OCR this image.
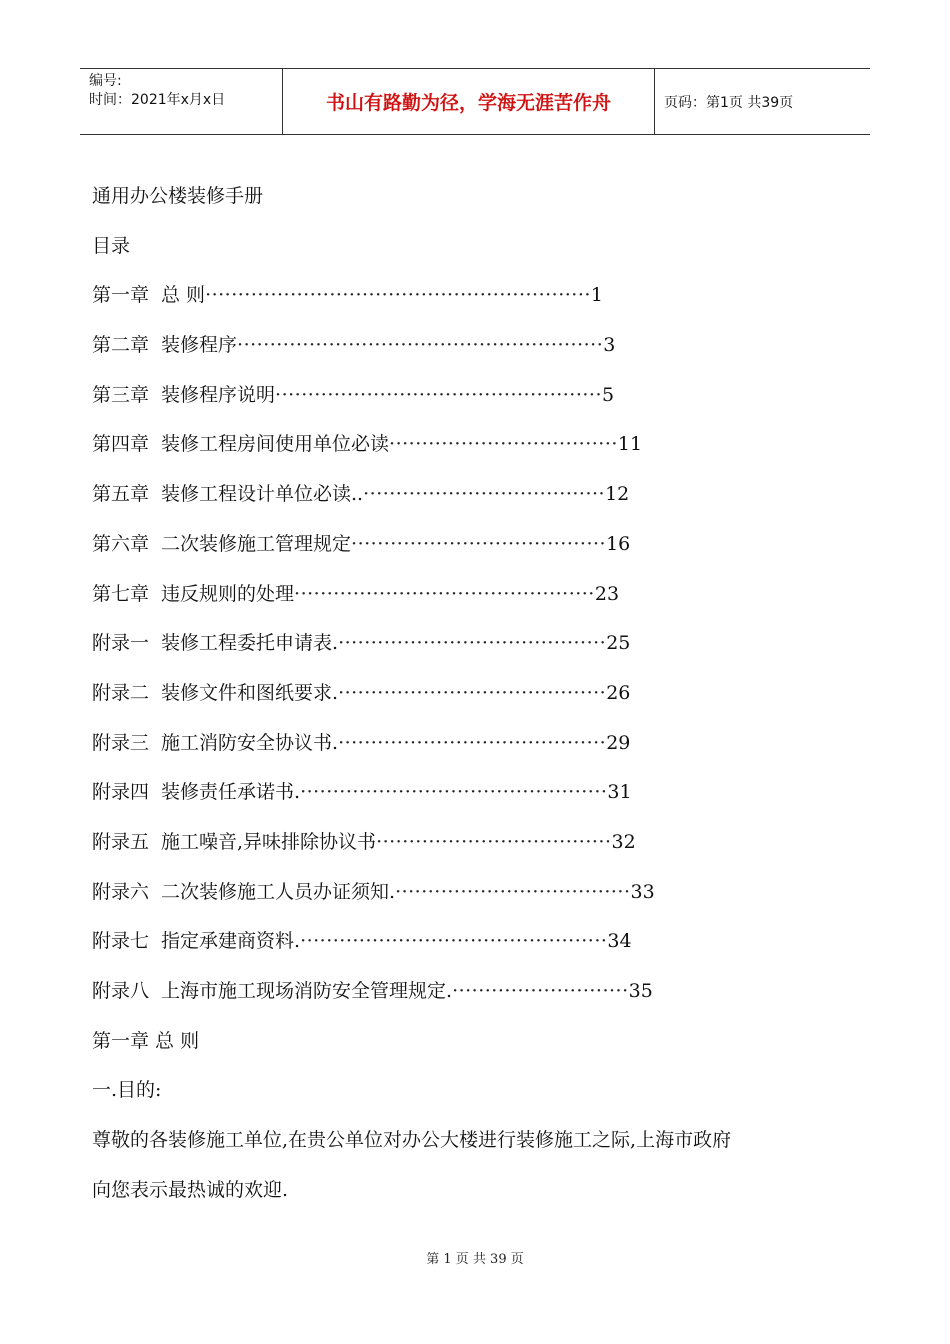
编号:
时间：2021年x月x日	书山有路勤为径，学海无涯苦作舟	页码：第1页 共39页
通用办公楼装修手册
目录
第一章 总 则 ··························································· 1
第二章 装修程序 ························································ 3
第三章 装修程序说明 ·················································· 5
第四章 装修工程房间使用单位必读 ··································· 11
第五章 装修工程设计单位必读.. ····································· 12
第六章 二次装修施工管理规定 ······································· 16
第七章 违反规则的处理 ·············································· 23
附录一 装修工程委托申请表. ········································· 25
附录二 装修文件和图纸要求. ········································· 26
附录三 施工消防安全协议书. ········································· 29
附录四 装修责任承诺书. ··············································· 31
附录五 施工噪音,异味排除协议书 ···································· 32
附录六 二次装修施工人员办证须知. ···································· 33
附录七 指定承建商资料. ··············································· 34
附录八 上海市施工现场消防安全管理规定. ··························· 35
第一章 总 则
一.目的:
尊敬的各装修施工单位,在贵公单位对办公大楼进行装修施工之际,上海市政府
向您表示最热诚的欢迎.
第 1 页 共 39 页
